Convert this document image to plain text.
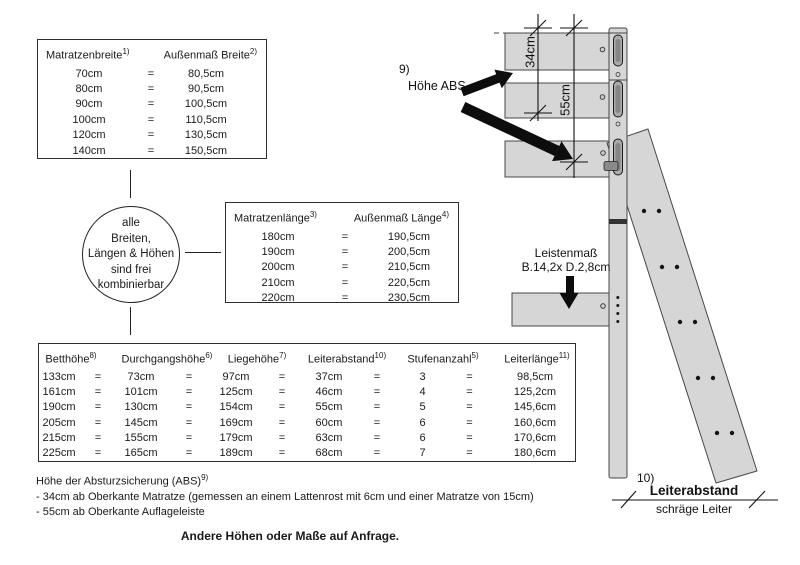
Matratzenbreite$^{1)}$	Außenmaß Breite$^{2)}$
70cm	=	80,5cm
80cm	=	90,5cm
90cm	=	100,5cm
100cm	=	110,5cm
120cm	=	130,5cm
140cm	=	150,5cm
alle
Breiten,
Längen & Höhen
sind frei
kombinierbar
Matratzenlänge$^{3)}$	Außenmaß Länge$^{4)}$
180cm	=	190,5cm
190cm	=	200,5cm
200cm	=	210,5cm
210cm	=	220,5cm
220cm	=	230,5cm
Betthöhe$^{8)}$ Durchgangshöhe$^{6)}$ Liegehöhe$^{7)}$ Leiterabstand$^{10)}$ Stufenanzahl$^{5)}$ Leiterlänge$^{11)}$
133cm	=	73cm	=	97cm	=	37cm	=	3	=	98,5cm
161cm	=	101cm	=	125cm	=	46cm	=	4	=	125,2cm
190cm	=	130cm	=	154cm	=	55cm	=	5	=	145,6cm
205cm	=	145cm	=	169cm	=	60cm	=	6	=	160,6cm
215cm	=	155cm	=	179cm	=	63cm	=	6	=	170,6cm
225cm	=	165cm	=	189cm	=	68cm	=	7	=	180,6cm
Höhe der Absturzsicherung (ABS)$^{9)}$
- 34cm ab Oberkante Matratze (gemessen an einem Lattenrost mit 6cm und einer Matratze von 15cm)
- 55cm ab Oberkante Auflageleiste
Andere Höhen oder Maße auf Anfrage.
34cm
55cm
9)
Höhe ABS
Leistenmaß
B.14,2x D.2,8cm
10)
Leiterabstand
schräge Leiter
